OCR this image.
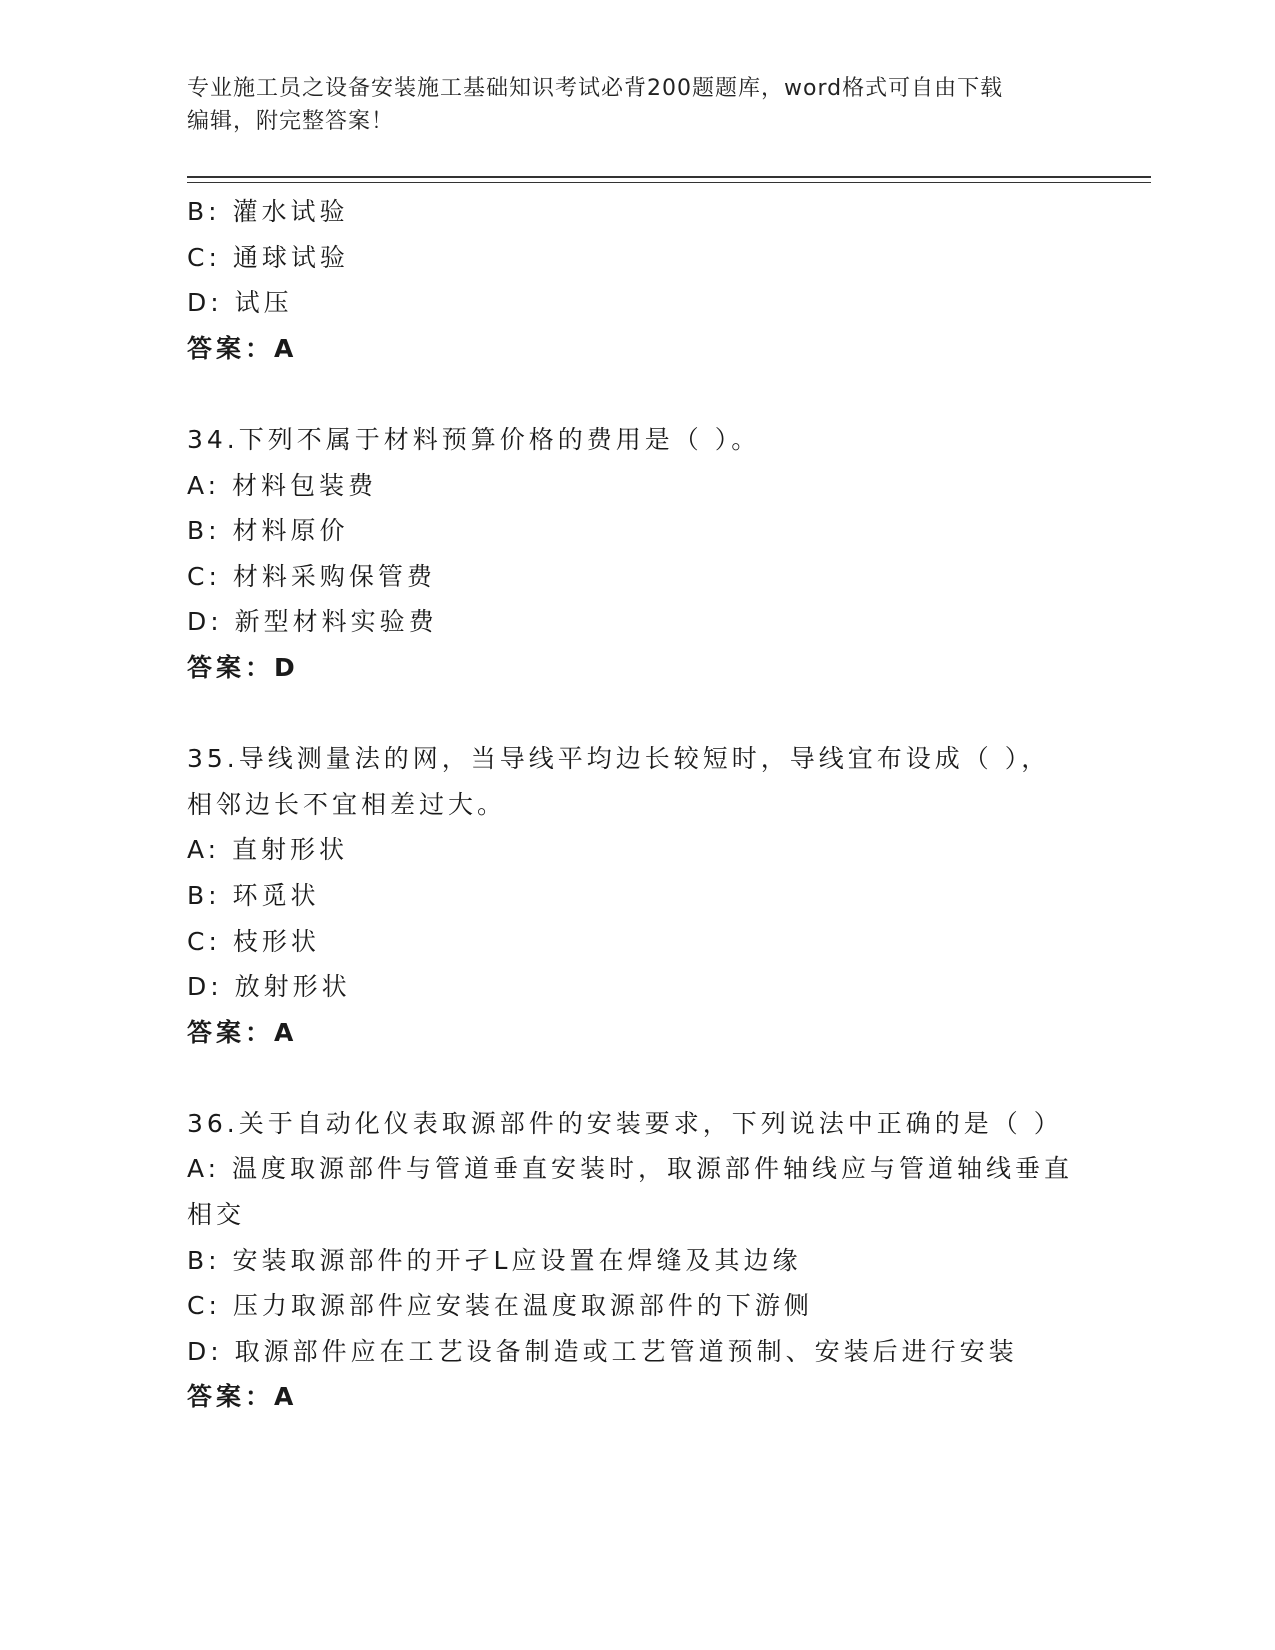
专业施工员之设备安装施工基础知识考试必背200题题库，word格式可自由下载
编辑，附完整答案！
B: 灌水试验
C: 通球试验
D: 试压
答案：A
34.下列不属于材料预算价格的费用是（ ）。
A: 材料包装费
B: 材料原价
C: 材料采购保管费
D: 新型材料实验费
答案：D
35.导线测量法的网，当导线平均边长较短时，导线宜布设成（ ），
相邻边长不宜相差过大。
A: 直射形状
B: 环觅状
C: 枝形状
D: 放射形状
答案：A
36.关于自动化仪表取源部件的安装要求，下列说法中正确的是（ ）
A: 温度取源部件与管道垂直安装时，取源部件轴线应与管道轴线垂直
相交
B: 安装取源部件的开孑L应设置在焊缝及其边缘
C: 压力取源部件应安装在温度取源部件的下游侧
D: 取源部件应在工艺设备制造或工艺管道预制、安装后进行安装
答案：A
